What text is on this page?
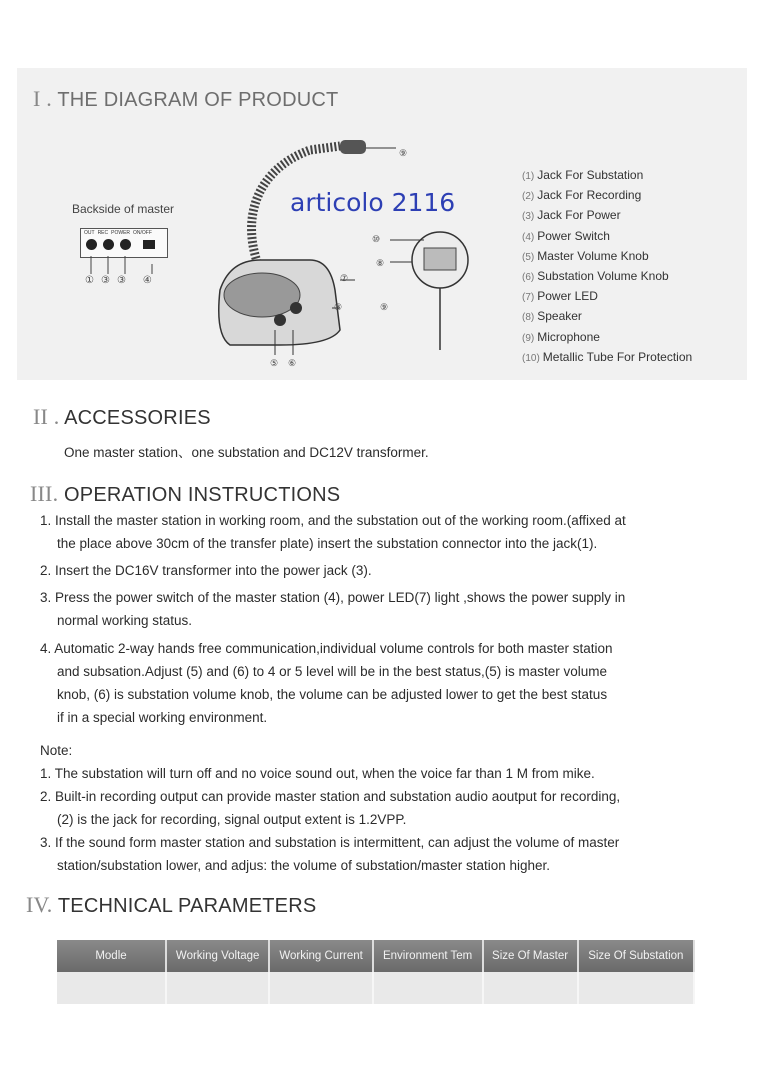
I . THE DIAGRAM OF PRODUCT
Backside of master
OUT REC POWER ON/OFF
① ③ ③ ④
⑨
⑩
⑧
⑦
⑧	⑨
⑤ ⑥
articolo 2116
(1) Jack For Substation
(2) Jack For Recording
(3) Jack For Power
(4) Power Switch
(5) Master Volume Knob
(6) Substation Volume Knob
(7) Power LED
(8) Speaker
(9) Microphone
(10) Metallic Tube For Protection
II . ACCESSORIES
One master station、one substation and DC12V transformer.
III. OPERATION INSTRUCTIONS
1. Install the master station in working room, and the substation out of the working room.(affixed at
the place above 30cm of the transfer plate) insert the substation connector into the jack(1).
2. Insert the DC16V transformer into the power jack (3).
3. Press the power switch of the master station (4), power LED(7) light ,shows the power supply in
normal working status.
4. Automatic 2-way hands free communication,individual volume controls for both master station
and subsation.Adjust (5) and (6) to 4 or 5 level will be in the best status,(5) is master volume
knob, (6) is substation volume knob, the volume can be adjusted lower to get the best status
if in a special working environment.
Note:
1. The substation will turn off and no voice sound out, when the voice far than 1 M from mike.
2. Built-in recording output can provide master station and substation audio aoutput for recording,
(2) is the jack for recording, signal output extent is 1.2VPP.
3. If the sound form master station and substation is intermittent, can adjust the volume of master
station/substation lower, and adjus: the volume of substation/master station higher.
IV. TECHNICAL PARAMETERS
Modle	Working Voltage	Working Current	Environment Tem	Size Of Master	Size Of Substation
